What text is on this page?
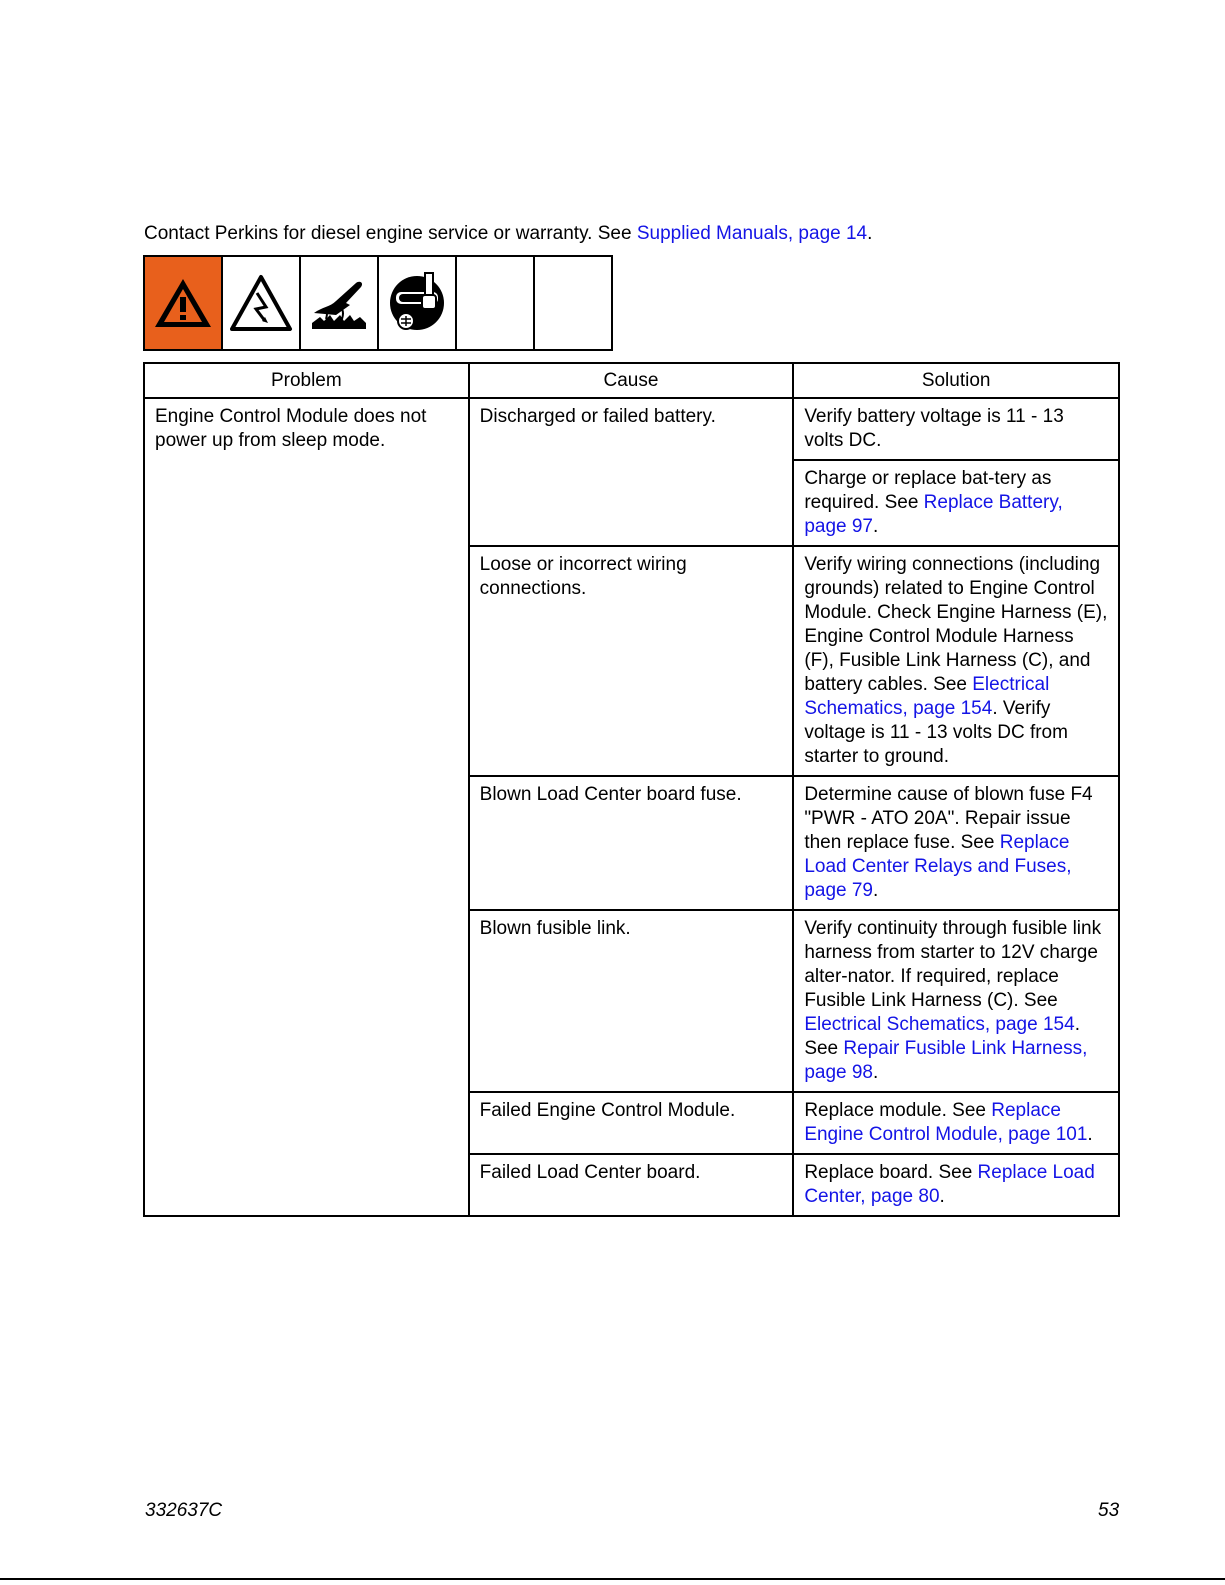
Contact Perkins for diesel engine service or warranty. See Supplied Manuals, page 14.

Problem	Cause	Solution
Engine Control Module does not power up from sleep mode.	Discharged or failed battery.	Verify battery voltage is 11 - 13 volts DC.
		Charge or replace bat-tery as required. See Replace Battery, page 97.
	Loose or incorrect wiring connections.	Verify wiring connections (including grounds) related to Engine Control Module. Check Engine Harness (E), Engine Control Module Harness (F), Fusible Link Harness (C), and battery cables. See Electrical Schematics, page 154. Verify voltage is 11 - 13 volts DC from starter to ground.
	Blown Load Center board fuse.	Determine cause of blown fuse F4 "PWR - ATO 20A". Repair issue then replace fuse. See Replace Load Center Relays and Fuses, page 79.
	Blown fusible link.	Verify continuity through fusible link harness from starter to 12V charge alter-nator. If required, replace Fusible Link Harness (C). See Electrical Schematics, page 154. See Repair Fusible Link Harness, page 98.
	Failed Engine Control Module.	Replace module. See Replace Engine Control Module, page 101.
	Failed Load Center board.	Replace board. See Replace Load Center, page 80.
332637C	53
